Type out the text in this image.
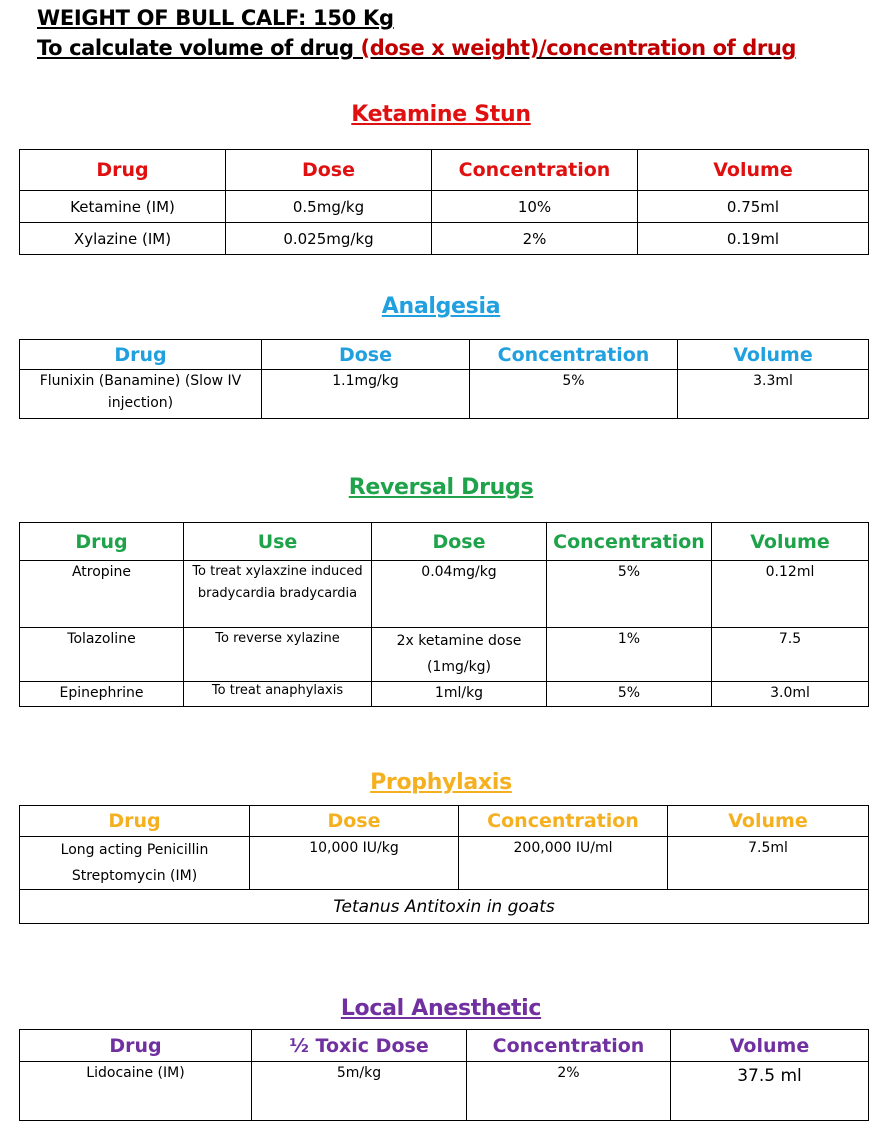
WEIGHT OF BULL CALF: 150 Kg
To calculate volume of drug (dose x weight)/concentration of drug
Ketamine Stun
Drug	Dose	Concentration	Volume
Ketamine (IM)	0.5mg/kg	10%	0.75ml
Xylazine (IM)	0.025mg/kg	2%	0.19ml
Analgesia
Drug	Dose	Concentration	Volume
Flunixin (Banamine) (Slow IV injection)	1.1mg/kg	5%	3.3ml
Reversal Drugs
Drug	Use	Dose	Concentration	Volume
Atropine	To treat xylaxzine induced bradycardia bradycardia	0.04mg/kg	5%	0.12ml
Tolazoline	To reverse xylazine	2x ketamine dose (1mg/kg)	1%	7.5
Epinephrine	To treat anaphylaxis	1ml/kg	5%	3.0ml
Prophylaxis
Drug	Dose	Concentration	Volume
Long acting Penicillin Streptomycin (IM)	10,000 IU/kg	200,000 IU/ml	7.5ml
Tetanus Antitoxin in goats			
Local Anesthetic
Drug	½ Toxic Dose	Concentration	Volume
Lidocaine (IM)	5m/kg	2%	37.5 ml
